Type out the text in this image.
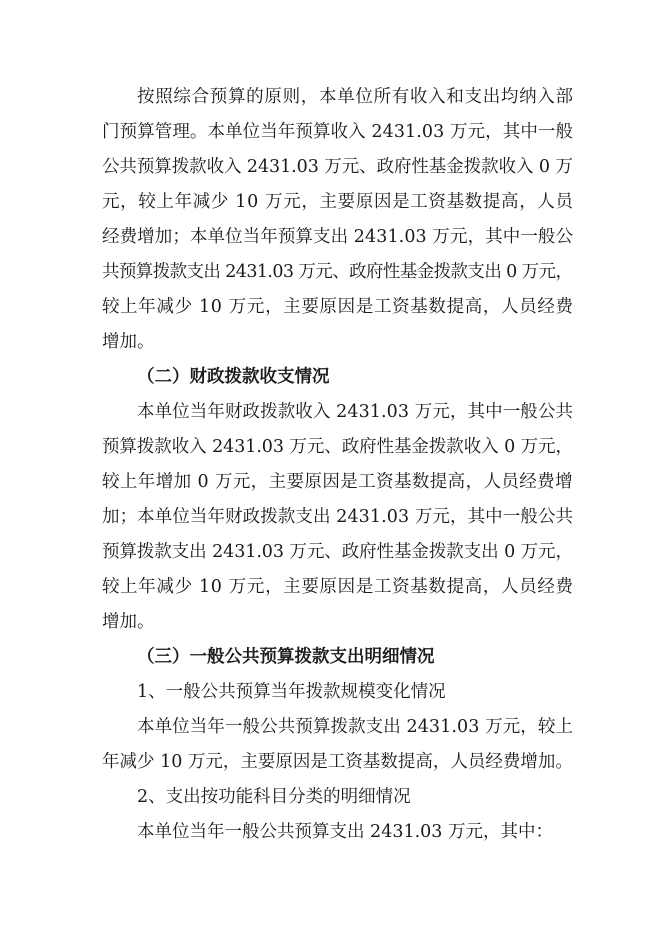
按照综合预算的原则，本单位所有收入和支出均纳入部
门预算管理。本单位当年预算收入 2431.03 万元，其中一般
公共预算拨款收入 2431.03 万元、政府性基金拨款收入 0 万
元，较上年减少 10 万元，主要原因是工资基数提高，人员
经费增加；本单位当年预算支出 2431.03 万元，其中一般公
共预算拨款支出 2431.03 万元、政府性基金拨款支出 0 万元，
较上年减少 10 万元，主要原因是工资基数提高，人员经费
增加。
（二）财政拨款收支情况
本单位当年财政拨款收入 2431.03 万元，其中一般公共
预算拨款收入 2431.03 万元、政府性基金拨款收入 0 万元，
较上年增加 0 万元，主要原因是工资基数提高，人员经费增
加；本单位当年财政拨款支出 2431.03 万元，其中一般公共
预算拨款支出 2431.03 万元、政府性基金拨款支出 0 万元，
较上年减少 10 万元，主要原因是工资基数提高，人员经费
增加。
（三）一般公共预算拨款支出明细情况
1、一般公共预算当年拨款规模变化情况
本单位当年一般公共预算拨款支出 2431.03 万元，较上
年减少 10 万元，主要原因是工资基数提高，人员经费增加。
2、支出按功能科目分类的明细情况
本单位当年一般公共预算支出 2431.03 万元，其中：
